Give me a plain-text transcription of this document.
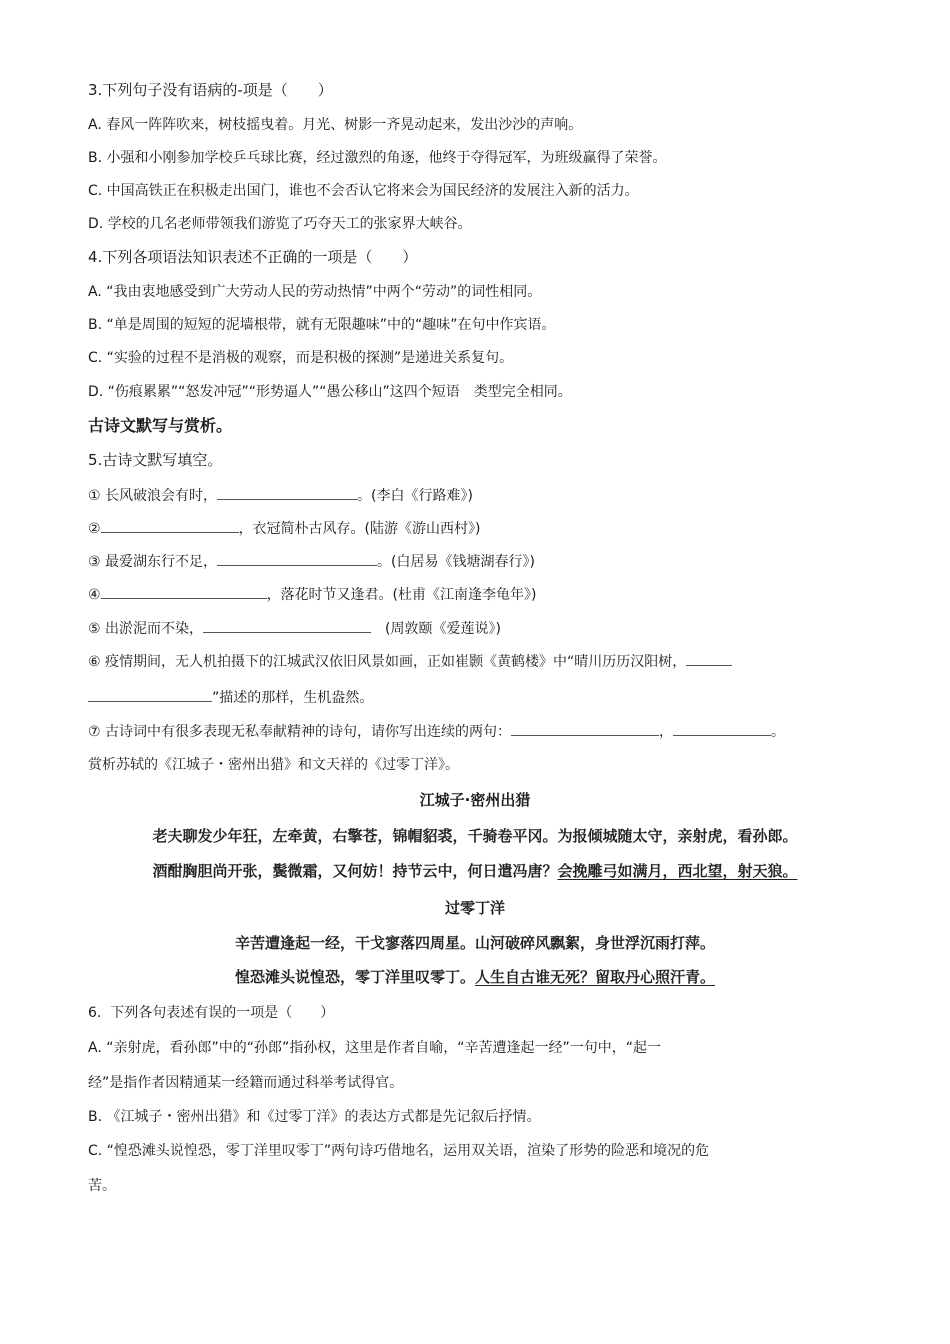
3.下列句子没有语病的-项是（　　）
A. 春风一阵阵吹来，树枝摇曳着。月光、树影一齐晃动起来，发出沙沙的声响。
B. 小强和小刚参加学校乒乓球比赛，经过激烈的角逐，他终于夺得冠军，为班级赢得了荣誉。
C. 中国高铁正在积极走出国门，谁也不会否认它将来会为国民经济的发展注入新的活力。
D. 学校的几名老师带领我们游览了巧夺天工的张家界大峡谷。
4.下列各项语法知识表述不正确的一项是（　　）
A. “我由衷地感受到广大劳动人民的劳动热情”中两个“劳动”的词性相同。
B. “单是周围的短短的泥墙根带，就有无限趣味”中的“趣味”在句中作宾语。
C. “实验的过程不是消极的观察，而是积极的探测”是递进关系复句。
D. “伤痕累累”“怒发冲冠”“形势逼人”“愚公移山”这四个短语　类型完全相同。
古诗文默写与赏析。
5.古诗文默写填空。
① 长风破浪会有时，	。(李白《行路难》)
②	，衣冠简朴古风存。(陆游《游山西村》)
③ 最爱湖东行不足，	。(白居易《钱塘湖春行》)
④	，落花时节又逢君。(杜甫《江南逢李龟年》)
⑤ 出淤泥而不染，	　(周敦颐《爱莲说》)
⑥ 疫情期间，无人机拍摄下的江城武汉依旧风景如画，正如崔颢《黄鹤楼》中“晴川历历汉阳树，
”描述的那样，生机盎然。
⑦ 古诗词中有很多表现无私奉献精神的诗句，请你写出连续的两句：	，	。
赏析苏轼的《江城子・密州出猎》和文天祥的《过零丁洋》。
江城子·密州出猎
老夫聊发少年狂，左牵黄，右擎苍，锦帽貂裘，千骑卷平冈。为报倾城随太守，亲射虎，看孙郎。
酒酣胸胆尚开张，鬓微霜，又何妨！持节云中，何日遣冯唐？会挽雕弓如满月，西北望，射天狼。
过零丁洋
辛苦遭逢起一经，干戈寥落四周星。山河破碎风飘絮，身世浮沉雨打萍。
惶恐滩头说惶恐，零丁洋里叹零丁。人生自古谁无死？留取丹心照汗青。
6. 下列各句表述有误的一项是（　　）
A. “亲射虎，看孙郎”中的“孙郎”指孙权，这里是作者自喻，“辛苦遭逢起一经”一句中，“起一
经”是指作者因精通某一经籍而通过科举考试得官。
B. 《江城子・密州出猎》和《过零丁洋》的表达方式都是先记叙后抒情。
C. “惶恐滩头说惶恐，零丁洋里叹零丁”两句诗巧借地名，运用双关语，渲染了形势的险恶和境况的危
苦。
